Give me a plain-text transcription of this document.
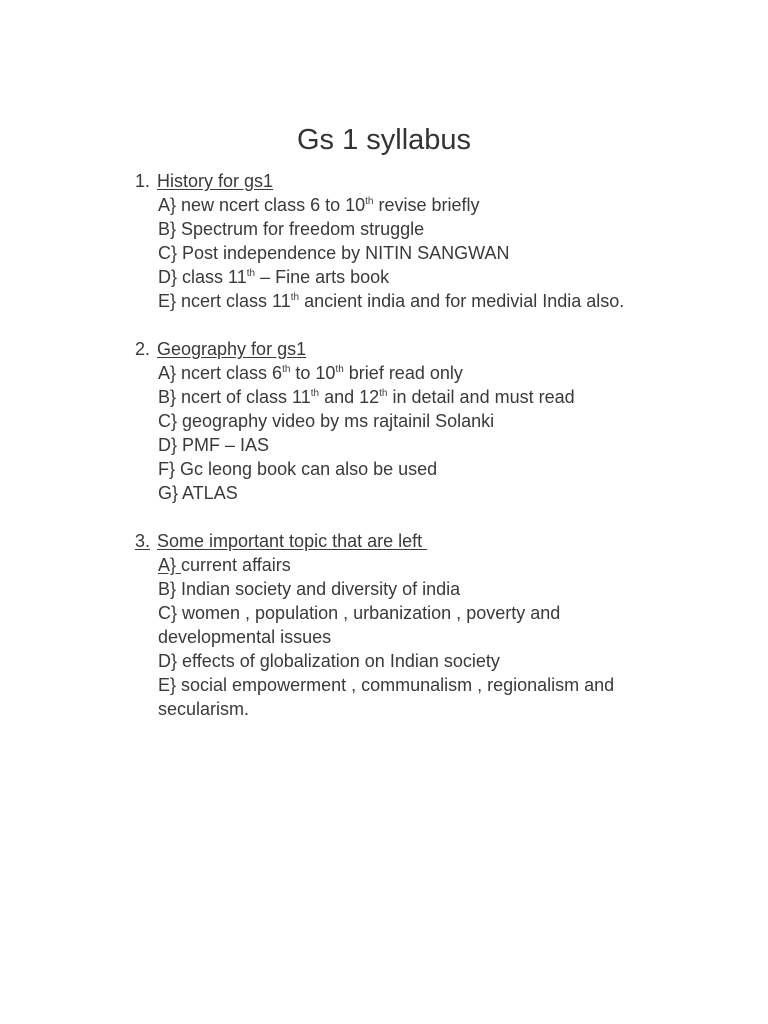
Gs 1 syllabus
1. History for gs1
A} new ncert class 6 to 10th revise briefly
B} Spectrum for freedom struggle
C} Post independence by NITIN SANGWAN
D} class 11th – Fine arts book
E} ncert class 11th ancient india and for medivial India also.
2. Geography for gs1
A} ncert class 6th to 10th brief read only
B} ncert of class 11th and 12th in detail and must read
C} geography video by ms rajtainil Solanki
D} PMF – IAS
F} Gc leong book can also be used
G} ATLAS
3. Some important topic that are left
A} current affairs
B} Indian society and diversity of india
C} women , population , urbanization , poverty and developmental issues
D} effects of globalization on Indian society
E} social empowerment , communalism , regionalism and secularism.
